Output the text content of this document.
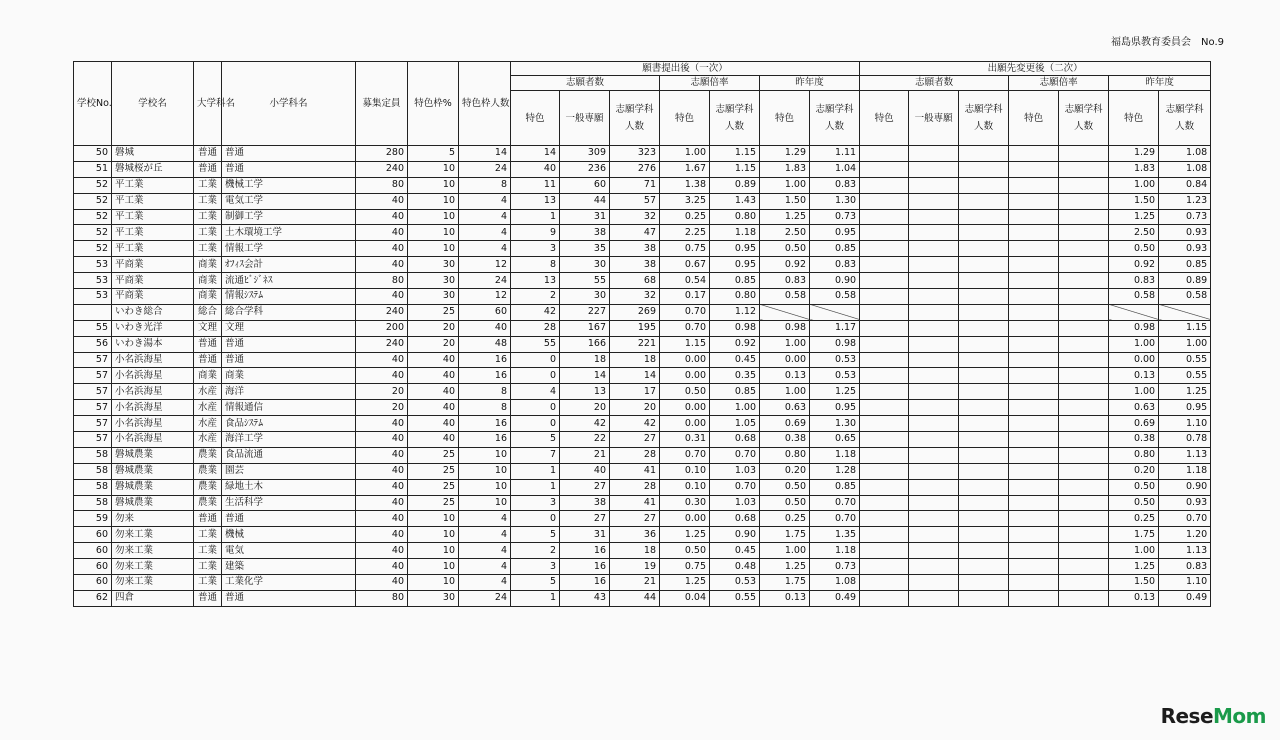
福島県教育委員会 No.9
学校No.	学校名	大学科名	小学科名	募集定員	特色枠%	特色枠人数	願書提出後（一次）							出願先変更後（二次）						
							志願者数			志願倍率		昨年度		志願者数			志願倍率		昨年度	
							特色	一般専願	志願学科人数	特色	志願学科人数	特色	志願学科人数	特色	一般専願	志願学科人数	特色	志願学科人数	特色	志願学科人数
50	磐城	普通	普通	280	5	14	14	309	323	1.00	1.15	1.29	1.11						1.29	1.08
51	磐城桜が丘	普通	普通	240	10	24	40	236	276	1.67	1.15	1.83	1.04						1.83	1.08
52	平工業	工業	機械工学	80	10	8	11	60	71	1.38	0.89	1.00	0.83						1.00	0.84
52	平工業	工業	電気工学	40	10	4	13	44	57	3.25	1.43	1.50	1.30						1.50	1.23
52	平工業	工業	制御工学	40	10	4	1	31	32	0.25	0.80	1.25	0.73						1.25	0.73
52	平工業	工業	土木環境工学	40	10	4	9	38	47	2.25	1.18	2.50	0.95						2.50	0.93
52	平工業	工業	情報工学	40	10	4	3	35	38	0.75	0.95	0.50	0.85						0.50	0.93
53	平商業	商業	ｵﾌｨｽ会計	40	30	12	8	30	38	0.67	0.95	0.92	0.83						0.92	0.85
53	平商業	商業	流通ﾋﾞｼﾞﾈｽ	80	30	24	13	55	68	0.54	0.85	0.83	0.90						0.83	0.89
53	平商業	商業	情報ｼｽﾃﾑ	40	30	12	2	30	32	0.17	0.80	0.58	0.58						0.58	0.58
	いわき総合	総合	総合学科	240	25	60	42	227	269	0.70	1.12									
55	いわき光洋	文理	文理	200	20	40	28	167	195	0.70	0.98	0.98	1.17						0.98	1.15
56	いわき湯本	普通	普通	240	20	48	55	166	221	1.15	0.92	1.00	0.98						1.00	1.00
57	小名浜海星	普通	普通	40	40	16	0	18	18	0.00	0.45	0.00	0.53						0.00	0.55
57	小名浜海星	商業	商業	40	40	16	0	14	14	0.00	0.35	0.13	0.53						0.13	0.55
57	小名浜海星	水産	海洋	20	40	8	4	13	17	0.50	0.85	1.00	1.25						1.00	1.25
57	小名浜海星	水産	情報通信	20	40	8	0	20	20	0.00	1.00	0.63	0.95						0.63	0.95
57	小名浜海星	水産	食品ｼｽﾃﾑ	40	40	16	0	42	42	0.00	1.05	0.69	1.30						0.69	1.10
57	小名浜海星	水産	海洋工学	40	40	16	5	22	27	0.31	0.68	0.38	0.65						0.38	0.78
58	磐城農業	農業	食品流通	40	25	10	7	21	28	0.70	0.70	0.80	1.18						0.80	1.13
58	磐城農業	農業	園芸	40	25	10	1	40	41	0.10	1.03	0.20	1.28						0.20	1.18
58	磐城農業	農業	緑地土木	40	25	10	1	27	28	0.10	0.70	0.50	0.85						0.50	0.90
58	磐城農業	農業	生活科学	40	25	10	3	38	41	0.30	1.03	0.50	0.70						0.50	0.93
59	勿来	普通	普通	40	10	4	0	27	27	0.00	0.68	0.25	0.70						0.25	0.70
60	勿来工業	工業	機械	40	10	4	5	31	36	1.25	0.90	1.75	1.35						1.75	1.20
60	勿来工業	工業	電気	40	10	4	2	16	18	0.50	0.45	1.00	1.18						1.00	1.13
60	勿来工業	工業	建築	40	10	4	3	16	19	0.75	0.48	1.25	0.73						1.25	0.83
60	勿来工業	工業	工業化学	40	10	4	5	16	21	1.25	0.53	1.75	1.08						1.50	1.10
62	四倉	普通	普通	80	30	24	1	43	44	0.04	0.55	0.13	0.49						0.13	0.49
ReseMom
